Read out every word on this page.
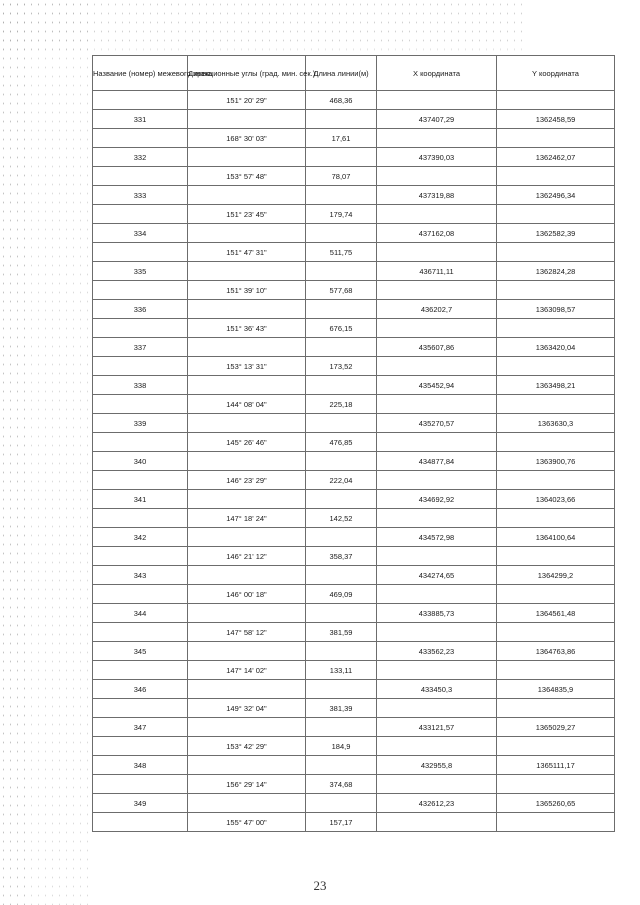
Название (номер) межевого знака	Дирекционные углы (град. мин. сек.)	Длина линии(м)	X координата	Y координата
	151° 20' 29"	468,36		
331			437407,29	1362458,59
	168° 30' 03"	17,61		
332			437390,03	1362462,07
	153° 57' 48"	78,07		
333			437319,88	1362496,34
	151° 23' 45"	179,74		
334			437162,08	1362582,39
	151° 47' 31"	511,75		
335			436711,11	1362824,28
	151° 39' 10"	577,68		
336			436202,7	1363098,57
	151° 36' 43"	676,15		
337			435607,86	1363420,04
	153° 13' 31"	173,52		
338			435452,94	1363498,21
	144° 08' 04"	225,18		
339			435270,57	1363630,3
	145° 26' 46"	476,85		
340			434877,84	1363900,76
	146° 23' 29"	222,04		
341			434692,92	1364023,66
	147° 18' 24"	142,52		
342			434572,98	1364100,64
	146° 21' 12"	358,37		
343			434274,65	1364299,2
	146° 00' 18"	469,09		
344			433885,73	1364561,48
	147° 58' 12"	381,59		
345			433562,23	1364763,86
	147° 14' 02"	133,11		
346			433450,3	1364835,9
	149° 32' 04"	381,39		
347			433121,57	1365029,27
	153° 42' 29"	184,9		
348			432955,8	1365111,17
	156° 29' 14"	374,68		
349			432612,23	1365260,65
	155° 47' 00"	157,17		
23
